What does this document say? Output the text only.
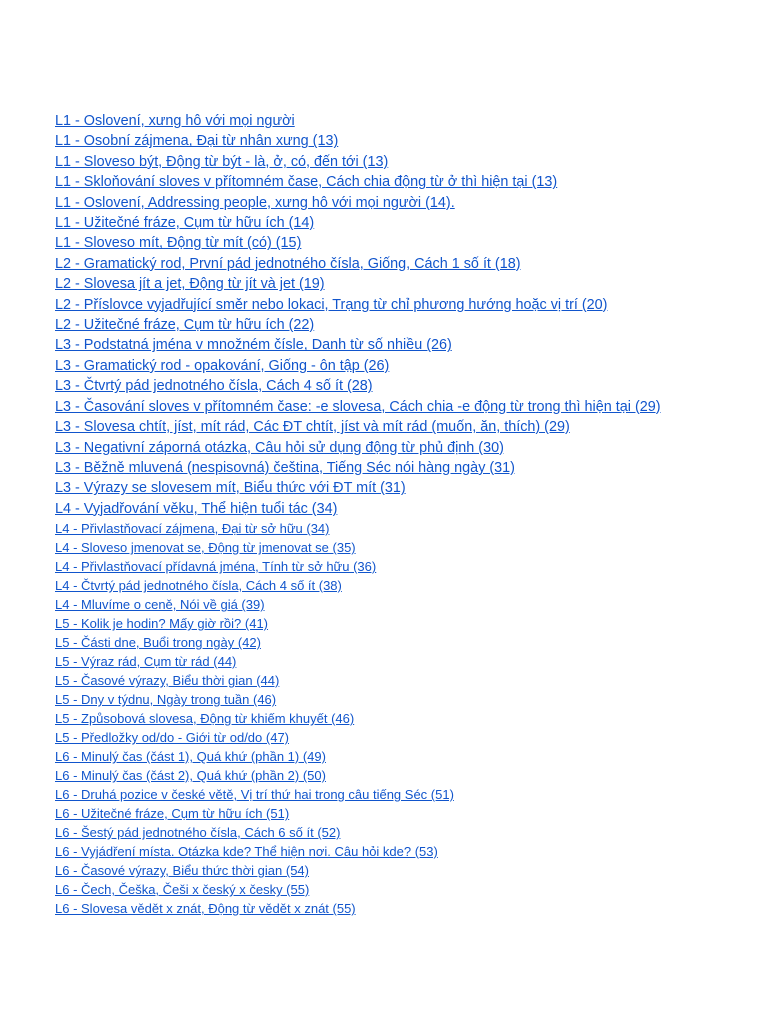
L1 - Oslovení, xưng hô với mọi người
L1 - Osobní zájmena, Đại từ nhân xưng (13)
L1 - Sloveso být, Động từ být - là, ở, có, đến tới (13)
L1 - Skloňování sloves v přítomném čase, Cách chia động từ ở thì hiện tại (13)
L1 - Oslovení, Addressing people, xưng hô với mọi người (14).
L1 - Užitečné fráze, Cụm từ hữu ích (14)
L1 - Sloveso mít, Động từ mít (có) (15)
L2 - Gramatický rod, První pád jednotného čísla, Giống, Cách 1 số ít (18)
L2 - Slovesa jít a jet, Động từ jít và jet (19)
L2 - Příslovce vyjadřující směr nebo lokaci, Trạng từ chỉ phương hướng hoặc vị trí (20)
L2 - Užitečné fráze, Cụm từ hữu ích (22)
L3 - Podstatná jména v množném čísle, Danh từ số nhiều (26)
L3 - Gramatický rod - opakování, Giống - ôn tập (26)
L3 - Čtvrtý pád jednotného čísla, Cách 4 số ít (28)
L3 - Časování sloves v přítomném čase: -e slovesa, Cách chia -e động từ trong thì hiện tại (29)
L3 - Slovesa chtít, jíst, mít rád, Các ĐT chtít, jíst và mít rád (muốn, ăn, thích) (29)
L3 - Negativní záporná otázka, Câu hỏi sử dụng động từ phủ định (30)
L3 - Běžně mluvená (nespisovná) čeština, Tiếng Séc nói hàng ngày (31)
L3 - Výrazy se slovesem mít, Biểu thức với ĐT mít (31)
L4 - Vyjadřování věku, Thể hiện tuổi tác (34)
L4 - Přivlastňovací zájmena, Đại từ sở hữu (34)
L4 - Sloveso jmenovat se, Động từ jmenovat se (35)
L4 - Přivlastňovací přídavná jména, Tính từ sở hữu (36)
L4 - Čtvrtý pád jednotného čísla, Cách 4 số ít (38)
L4 - Mluvíme o ceně, Nói về giá (39)
L5 - Kolik je hodin? Mấy giờ rồi? (41)
L5 - Části dne, Buổi trong ngày (42)
L5 - Výraz rád, Cụm từ rád (44)
L5 - Časové výrazy, Biểu thời gian (44)
L5 - Dny v týdnu, Ngày trong tuần (46)
L5 - Způsobová slovesa, Động từ khiếm khuyết (46)
L5 - Předložky od/do - Giới từ od/do (47)
L6 - Minulý čas (část 1), Quá khứ (phần 1) (49)
L6 - Minulý čas (část 2), Quá khứ (phần 2) (50)
L6 - Druhá pozice v české větě, Vị trí thứ hai trong câu tiếng Séc (51)
L6 - Užitečné fráze, Cụm từ hữu ích (51)
L6 - Šestý pád jednotného čísla, Cách 6 số ít (52)
L6 - Vyjádření místa. Otázka kde? Thể hiện nơi. Câu hỏi kde? (53)
L6 - Časové výrazy, Biểu thức thời gian (54)
L6 - Čech, Češka, Češi x český x česky (55)
L6 - Slovesa vědět x znát, Động từ vědět x znát (55)
